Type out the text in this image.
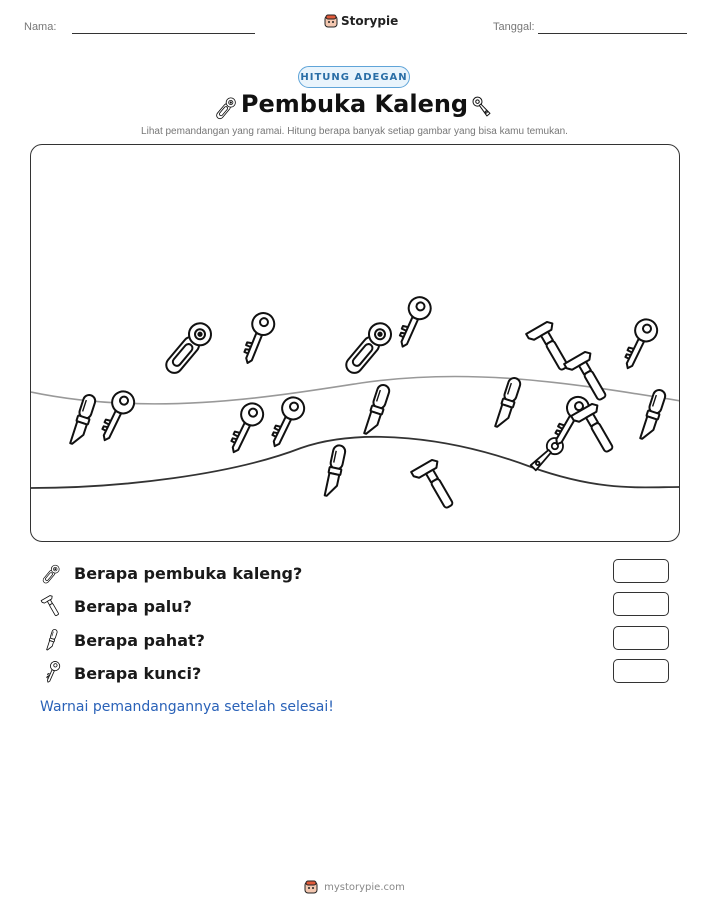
Nama:	Storypie	Tanggal:
HITUNG ADEGAN
Pembuka Kaleng
Lihat pemandangan yang ramai. Hitung berapa banyak setiap gambar yang bisa kamu temukan.
Berapa pembuka kaleng?
Berapa palu?
Berapa pahat?
Berapa kunci?
Warnai pemandangannya setelah selesai!
mystorypie.com
